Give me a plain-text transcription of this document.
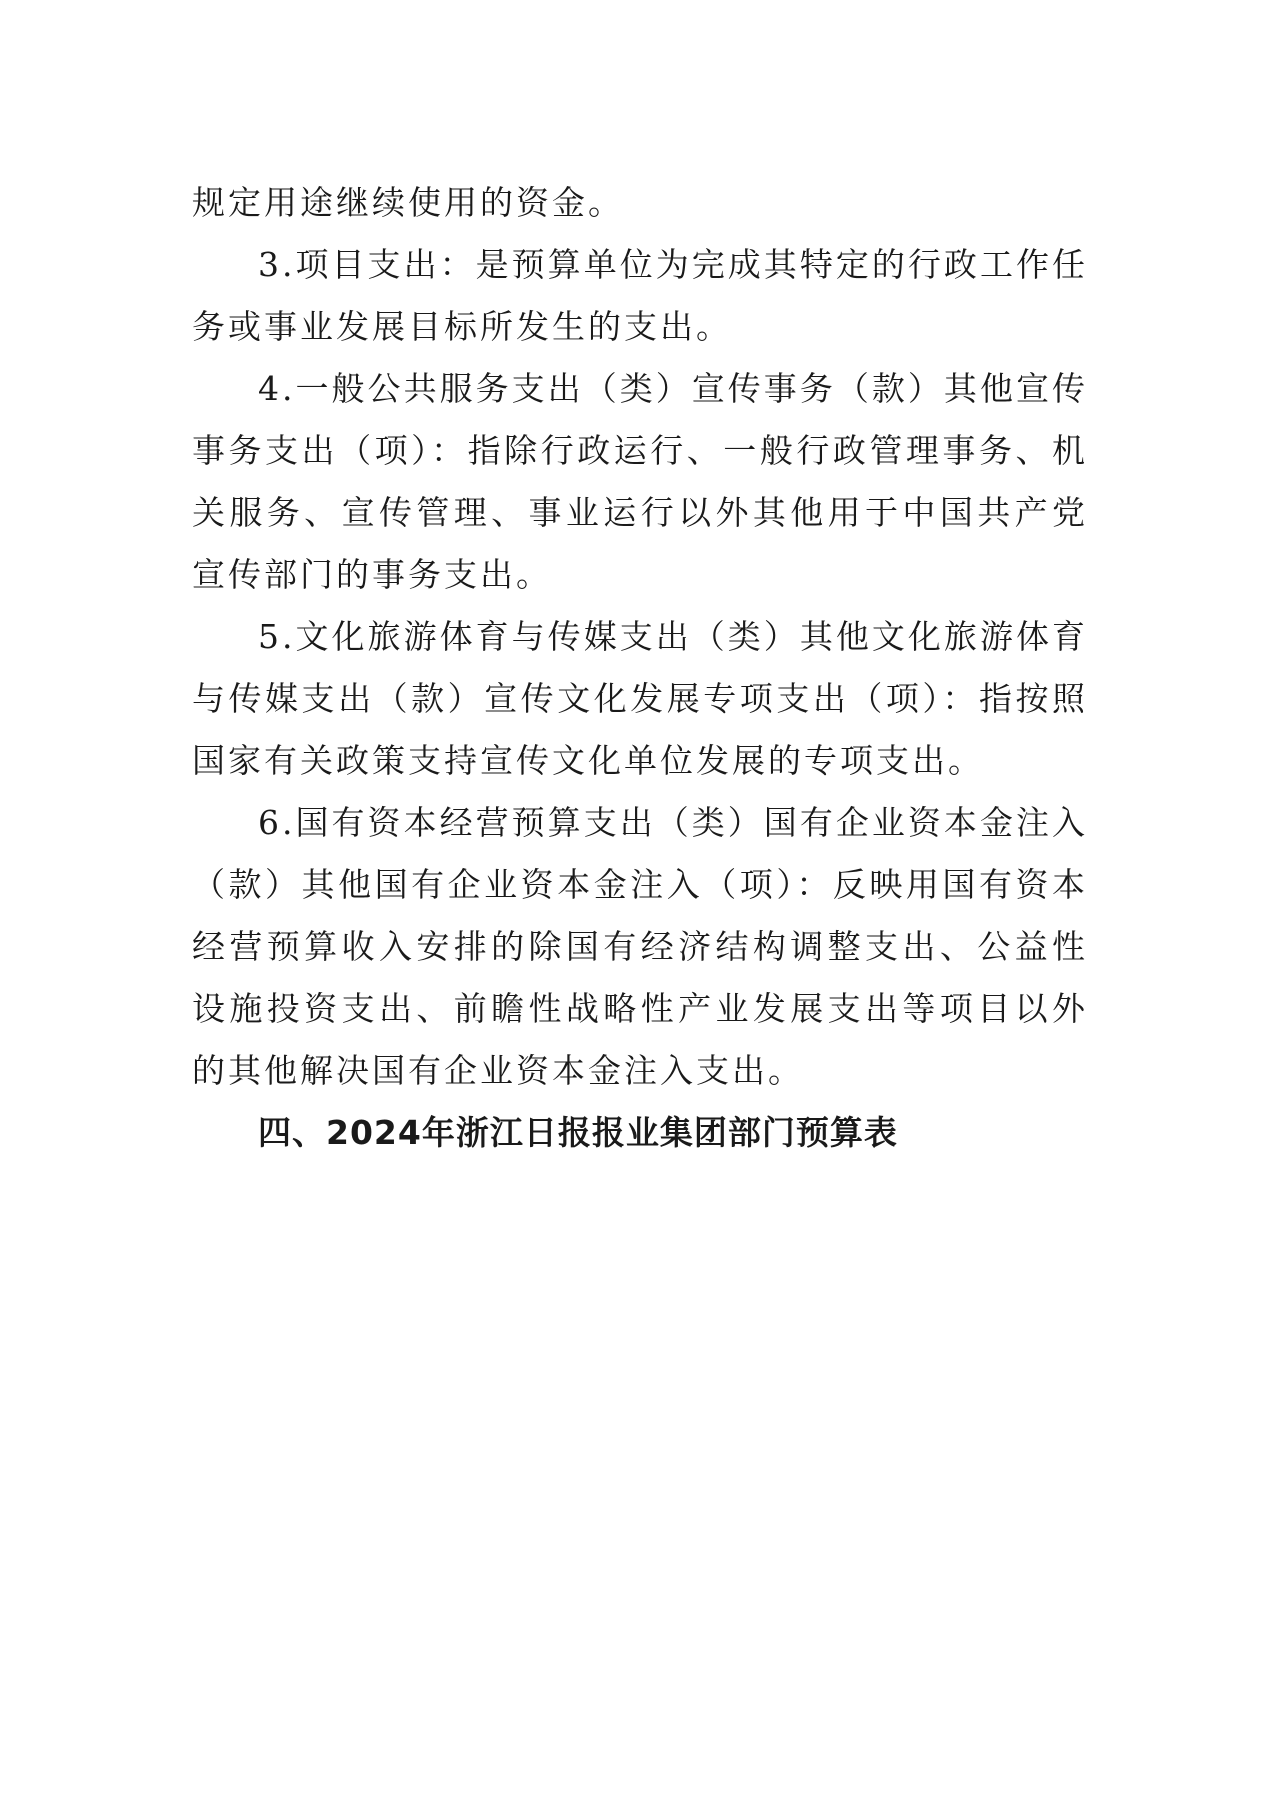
规定用途继续使用的资金。

3.项目支出：是预算单位为完成其特定的行政工作任务或事业发展目标所发生的支出。

4.一般公共服务支出（类）宣传事务（款）其他宣传事务支出（项）：指除行政运行、一般行政管理事务、机关服务、宣传管理、事业运行以外其他用于中国共产党宣传部门的事务支出。

5.文化旅游体育与传媒支出（类）其他文化旅游体育与传媒支出（款）宣传文化发展专项支出（项）：指按照国家有关政策支持宣传文化单位发展的专项支出。

6.国有资本经营预算支出（类）国有企业资本金注入（款）其他国有企业资本金注入（项）：反映用国有资本经营预算收入安排的除国有经济结构调整支出、公益性设施投资支出、前瞻性战略性产业发展支出等项目以外的其他解决国有企业资本金注入支出。

四、2024年浙江日报报业集团部门预算表
